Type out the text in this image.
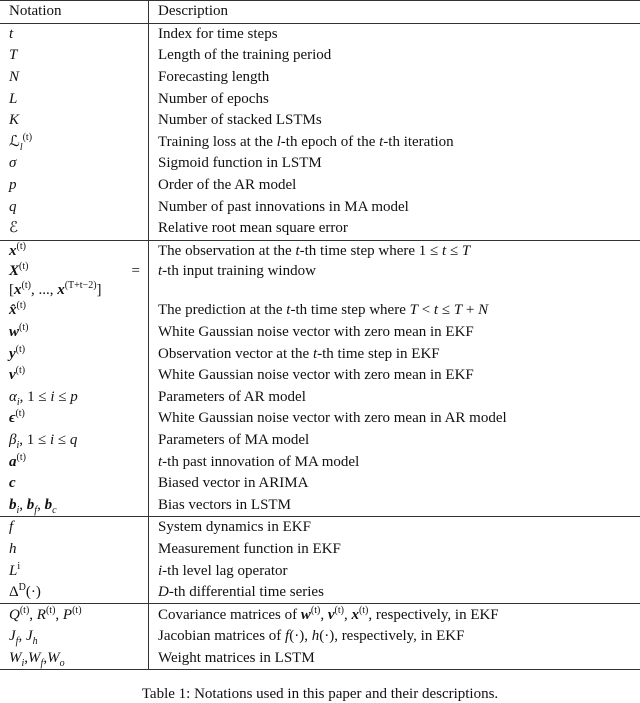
Notation	Description

t	Index for time steps

T	Length of the training period

N	Forecasting length

L	Number of epochs

K	Number of stacked LSTMs

ℒ$_l^{(t)}$	Training loss at the l-th epoch of the t-th iteration

σ	Sigmoid function in LSTM

p	Order of the AR model

q	Number of past innovations in MA model

ℰ	Relative root mean square error

$x^{(t)}$	The observation at the t-th time step where 1 ≤ t ≤ T

$X^{(t)}$ =
[$x^{(t)}$, ..., $x^{(T+t-2)}$]	t-th input training window

x̂$^{(t)}$	The prediction at the t-th time step where T < t ≤ T + N

$w^{(t)}$	White Gaussian noise vector with zero mean in EKF

$y^{(t)}$	Observation vector at the t-th time step in EKF

$v^{(t)}$	White Gaussian noise vector with zero mean in EKF

$\alpha_i$, 1 ≤ i ≤ p	Parameters of AR model

$\epsilon^{(t)}$	White Gaussian noise vector with zero mean in AR model

$\beta_i$, 1 ≤ i ≤ q	Parameters of MA model

$a^{(t)}$	t-th past innovation of MA model

c	Biased vector in ARIMA

$b_i$, $b_f$, $b_c$	Bias vectors in LSTM

f	System dynamics in EKF

h	Measurement function in EKF

$L^i$	i-th level lag operator

$\Delta^D(\cdot)$	D-th differential time series

$Q^{(t)}$, $R^{(t)}$, $P^{(t)}$	Covariance matrices of $w^{(t)}$, $v^{(t)}$, $x^{(t)}$, respectively, in EKF

$J_f$, $J_h$	Jacobian matrices of f(·), h(·), respectively, in EKF

$W_i,W_f,W_o$	Weight matrices in LSTM
Table 1: Notations used in this paper and their descriptions.
